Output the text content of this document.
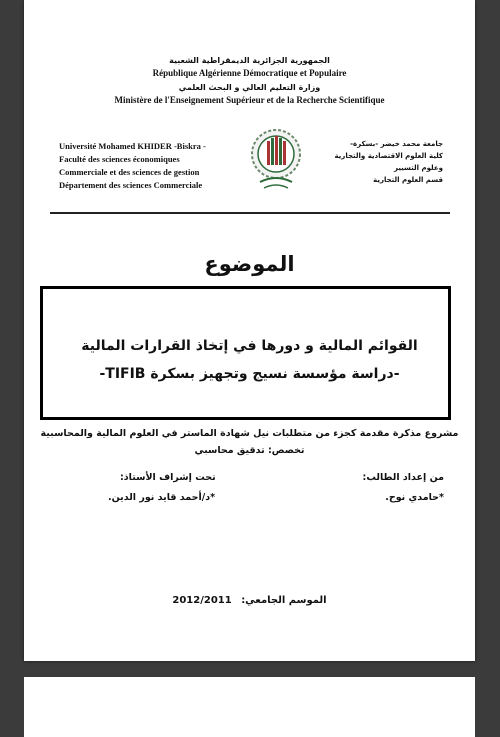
الجمهورية الجزائرية الديمقراطية الشعبية
République Algérienne Démocratique et Populaire
وزارة التعليم العالي و البحث العلمي
Ministère de l'Enseignement Supérieur et de la Recherche Scientifique
Université Mohamed KHIDER -Biskra -
Faculté des sciences économiques
Commerciale et des sciences de gestion
Département des sciences Commerciale
جامعة محمد خيضر -بسكرة-
كلية العلوم الاقتصادية والتجارية
وعلوم التسيير
قسم العلوم التجارية
الموضوع
القوائم المالية و دورها في إتخاذ القرارات المالية
-دراسة مؤسسة نسيج وتجهيز بسكرة TIFIB-
مشروع مذكرة مقدمة كجزء من متطلبات نيل شهادة الماستر في العلوم المالية والمحاسبية
تخصص: تدقيق محاسبي
من إعداد الطالب:
تحت إشراف الأستاذ:
*حامدي نوح.
*د/أحمد قايد نور الدين.
الموسم الجامعي: 2012/2011
